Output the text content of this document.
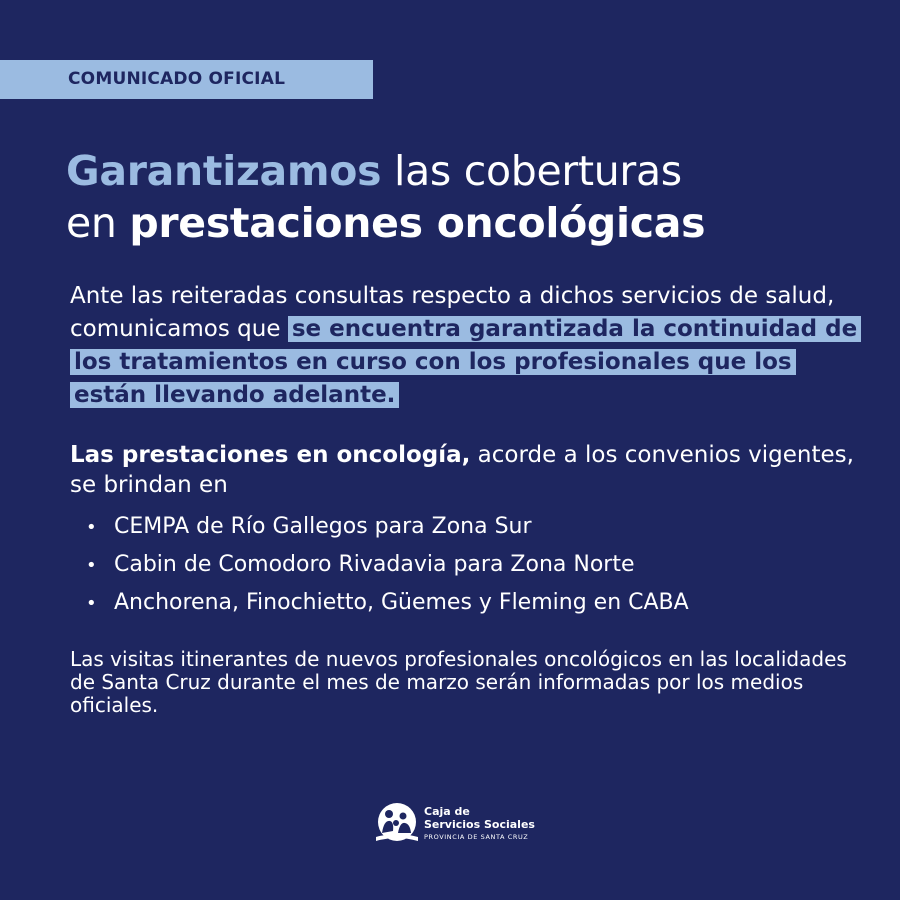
COMUNICADO OFICIAL
Garantizamos las coberturas
en prestaciones oncológicas

Ante las reiteradas consultas respecto a dichos servicios de salud, comunicamos que se encuentra garantizada la continuidad de los tratamientos en curso con los profesionales que los están llevando adelante.

Las prestaciones en oncología, acorde a los convenios vigentes, se brindan en

• CEMPA de Río Gallegos para Zona Sur
• Cabin de Comodoro Rivadavia para Zona Norte
• Anchorena, Finochietto, Güemes y Fleming en CABA

Las visitas itinerantes de nuevos profesionales oncológicos en las localidades de Santa Cruz durante el mes de marzo serán informadas por los medios oficiales.

Caja de
Servicios Sociales
PROVINCIA DE SANTA CRUZ
